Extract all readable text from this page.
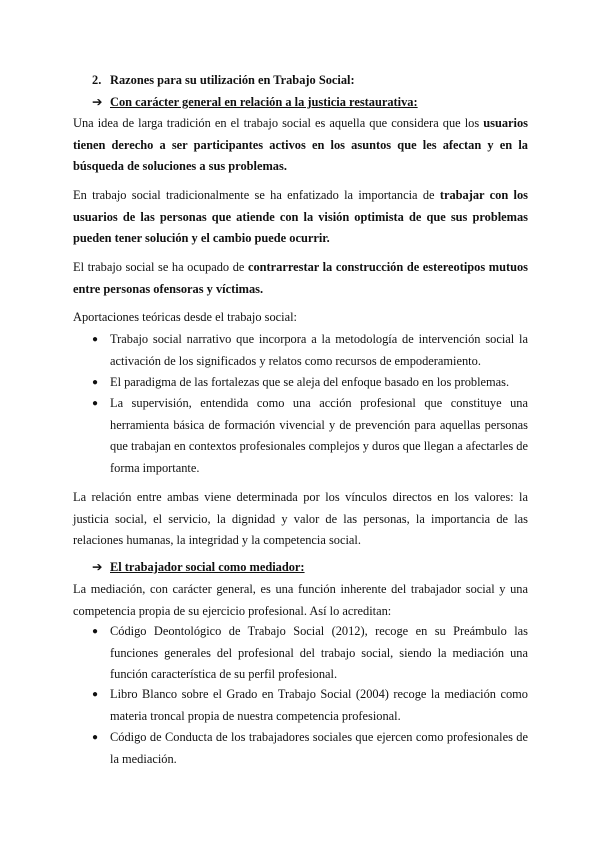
2. Razones para su utilización en Trabajo Social:
➔ Con carácter general en relación a la justicia restaurativa:

Una idea de larga tradición en el trabajo social es aquella que considera que los usuarios tienen derecho a ser participantes activos en los asuntos que les afectan y en la búsqueda de soluciones a sus problemas.

En trabajo social tradicionalmente se ha enfatizado la importancia de trabajar con los usuarios de las personas que atiende con la visión optimista de que sus problemas pueden tener solución y el cambio puede ocurrir.

El trabajo social se ha ocupado de contrarrestar la construcción de estereotipos mutuos entre personas ofensoras y víctimas.

Aportaciones teóricas desde el trabajo social:

● Trabajo social narrativo que incorpora a la metodología de intervención social la activación de los significados y relatos como recursos de empoderamiento.
● El paradigma de las fortalezas que se aleja del enfoque basado en los problemas.
● La supervisión, entendida como una acción profesional que constituye una herramienta básica de formación vivencial y de prevención para aquellas personas que trabajan en contextos profesionales complejos y duros que llegan a afectarles de forma importante.

La relación entre ambas viene determinada por los vínculos directos en los valores: la justicia social, el servicio, la dignidad y valor de las personas, la importancia de las relaciones humanas, la integridad y la competencia social.

➔ El trabajador social como mediador:

La mediación, con carácter general, es una función inherente del trabajador social y una competencia propia de su ejercicio profesional. Así lo acreditan:

● Código Deontológico de Trabajo Social (2012), recoge en su Preámbulo las funciones generales del profesional del trabajo social, siendo la mediación una función característica de su perfil profesional.
● Libro Blanco sobre el Grado en Trabajo Social (2004) recoge la mediación como materia troncal propia de nuestra competencia profesional.
● Código de Conducta de los trabajadores sociales que ejercen como profesionales de la mediación.
